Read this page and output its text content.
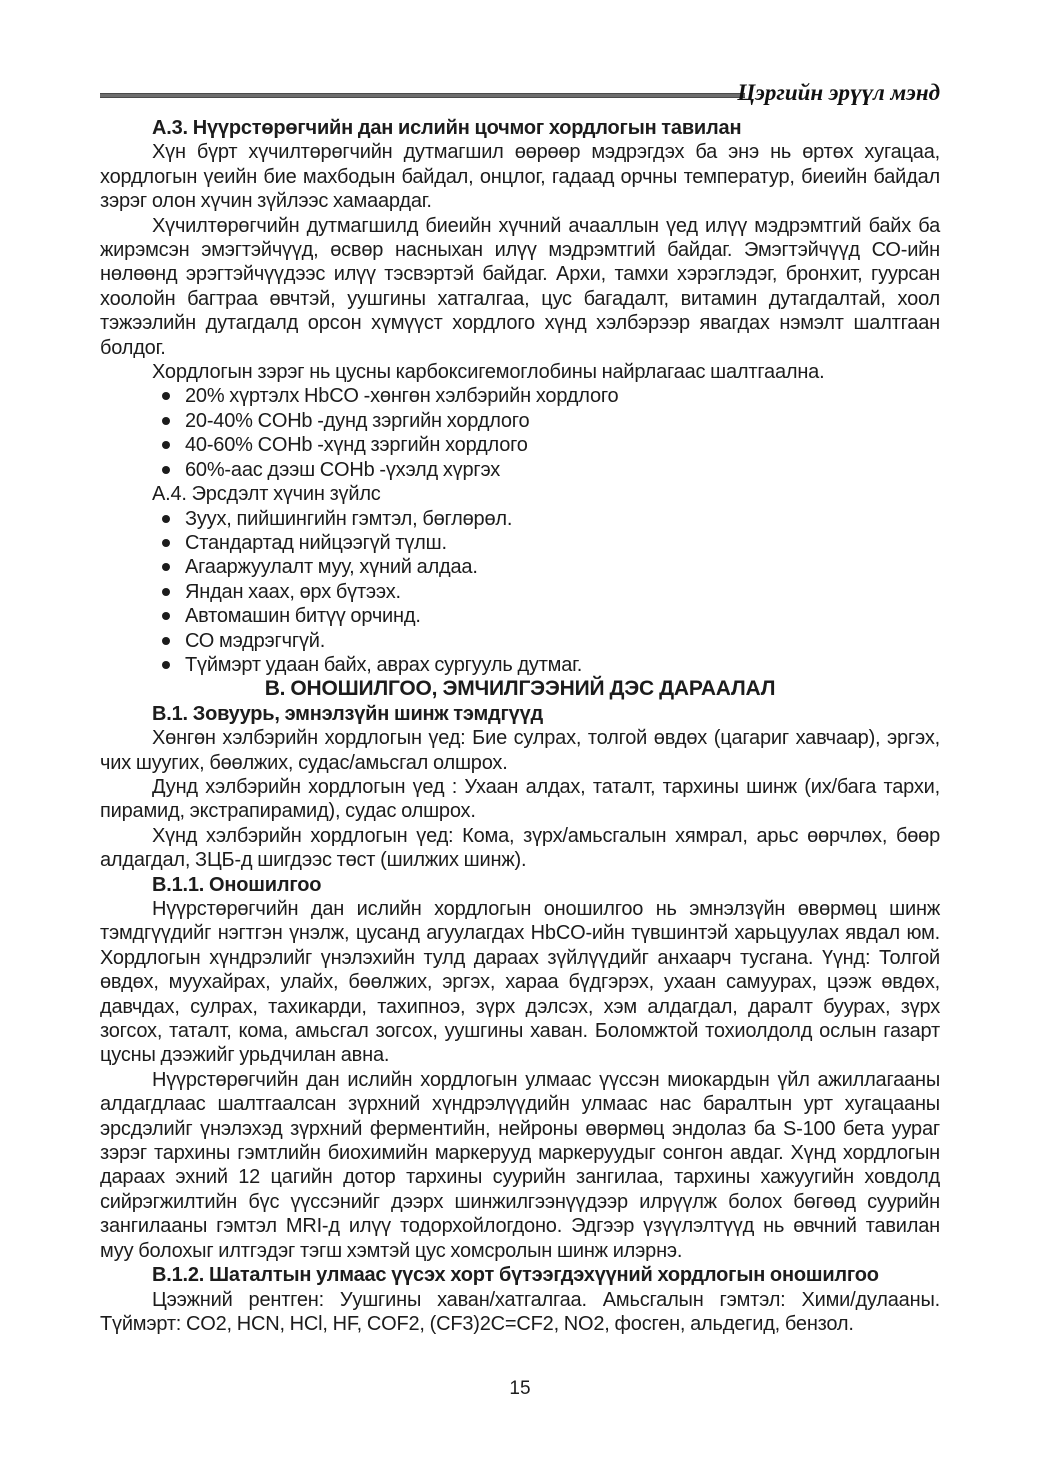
Цэргийн эрүүл мэнд
А.3. Нүүрстөрөгчийн дан ислийн цочмог хордлогын тавилан
Хүн бүрт хүчилтөрөгчийн дутмагшил өөрөөр мэдрэгдэх ба энэ нь өртөх хугацаа, хордлогын үеийн бие махбодын байдал, онцлог, гадаад орчны температур, биеийн байдал зэрэг олон хүчин зүйлээс хамаардаг.
Хүчилтөрөгчийн дутмагшилд биеийн хүчний ачааллын үед илүү мэдрэмтгий байх ба жирэмсэн эмэгтэйчүүд, өсвөр насныхан илүү мэдрэмтгий байдаг. Эмэгтэйчүүд СО-ийн нөлөөнд эрэгтэйчүүдээс илүү тэсвэртэй байдаг. Архи, тамхи хэрэглэдэг, бронхит, гуурсан хоолойн багтраа өвчтэй, уушгины хатгалгаа, цус багадалт, витамин дутагдалтай, хоол тэжээлийн дутагдалд орсон хүмүүст хордлого хүнд хэлбэрээр явагдах нэмэлт шалтгаан болдог.
Хордлогын зэрэг нь цусны карбоксигемоглобины найрлагаас шалтгаална.
20% хүртэлх HbCO -хөнгөн хэлбэрийн хордлого
20-40% COHb -дунд зэргийн хордлого
40-60% COHb -хүнд зэргийн хордлого
60%-аас дээш COHb -үхэлд хүргэх
А.4. Эрсдэлт хүчин зүйлс
Зуух, пийшингийн гэмтэл, бөглөрөл.
Стандартад нийцээгүй түлш.
Агааржуулалт муу, хүний алдаа.
Яндан хаах, өрх бүтээх.
Автомашин битүү орчинд.
СО мэдрэгчгүй.
Түймэрт удаан байх, аврах сургууль дутмаг.
В. ОНОШИЛГОО, ЭМЧИЛГЭЭНИЙ ДЭС ДАРААЛАЛ
В.1. Зовуурь, эмнэлзүйн шинж тэмдгүүд
Хөнгөн хэлбэрийн хордлогын үед: Бие сулрах, толгой өвдөх (цагариг хавчаар), эргэх, чих шуугих, бөөлжих, судас/амьсгал олшрох.
Дунд хэлбэрийн хордлогын үед : Ухаан алдах, таталт, тархины шинж (их/бага тархи, пирамид, экстрапирамид), судас олшрох.
Хүнд хэлбэрийн хордлогын үед: Кома, зүрх/амьсгалын хямрал, арьс өөрчлөх, бөөр алдагдал, ЗЦБ-д шигдээс төст (шилжих шинж).
В.1.1. Оношилгоо
Нүүрстөрөгчийн дан ислийн хордлогын оношилгоо нь эмнэлзүйн өвөрмөц шинж тэмдгүүдийг нэгтгэн үнэлж, цусанд агуулагдах HbCO-ийн түвшинтэй харьцуулах явдал юм. Хордлогын хүндрэлийг үнэлэхийн тулд дараах зүйлүүдийг анхаарч тусгана. Үүнд: Толгой өвдөх, муухайрах, улайх, бөөлжих, эргэх, хараа бүдгэрэх, ухаан самуурах, цээж өвдөх, давчдах, сулрах, тахикарди, тахипноэ, зүрх дэлсэх, хэм алдагдал, даралт буурах, зүрх зогсох, таталт, кома, амьсгал зогсох, уушгины хаван. Боломжтой тохиолдолд ослын газарт цусны дээжийг урьдчилан авна.
Нүүрстөрөгчийн дан ислийн хордлогын улмаас үүссэн миокардын үйл ажиллагааны алдагдлаас шалтгаалсан зүрхний хүндрэлүүдийн улмаас нас баралтын урт хугацааны эрсдэлийг үнэлэхэд зүрхний ферментийн, нейроны өвөрмөц эндолаз ба S-100 бета уураг зэрэг тархины гэмтлийн биохимийн маркерууд маркеруудыг сонгон авдаг. Хүнд хордлогын дараах эхний 12 цагийн дотор тархины суурийн зангилаа, тархины хажуугийн ховдолд сийрэгжилтийн бүс үүссэнийг дээрх шинжилгээнүүдээр илрүүлж болох бөгөөд суурийн зангилааны гэмтэл MRI-д илүү тодорхойлогдоно. Эдгээр үзүүлэлтүүд нь өвчний тавилан муу болохыг илтгэдэг тэгш хэмтэй цус хомсролын шинж илэрнэ.
В.1.2. Шаталтын улмаас үүсэх хорт бүтээгдэхүүний хордлогын оношилгоо
Цээжний рентген: Уушгины хаван/хатгалгаа. Амьсгалын гэмтэл: Хими/дулааны. Түймэрт: CO2, HCN, HCl, HF, COF2, (CF3)2C=CF2, NO2, фосген, альдегид, бензол.
15
